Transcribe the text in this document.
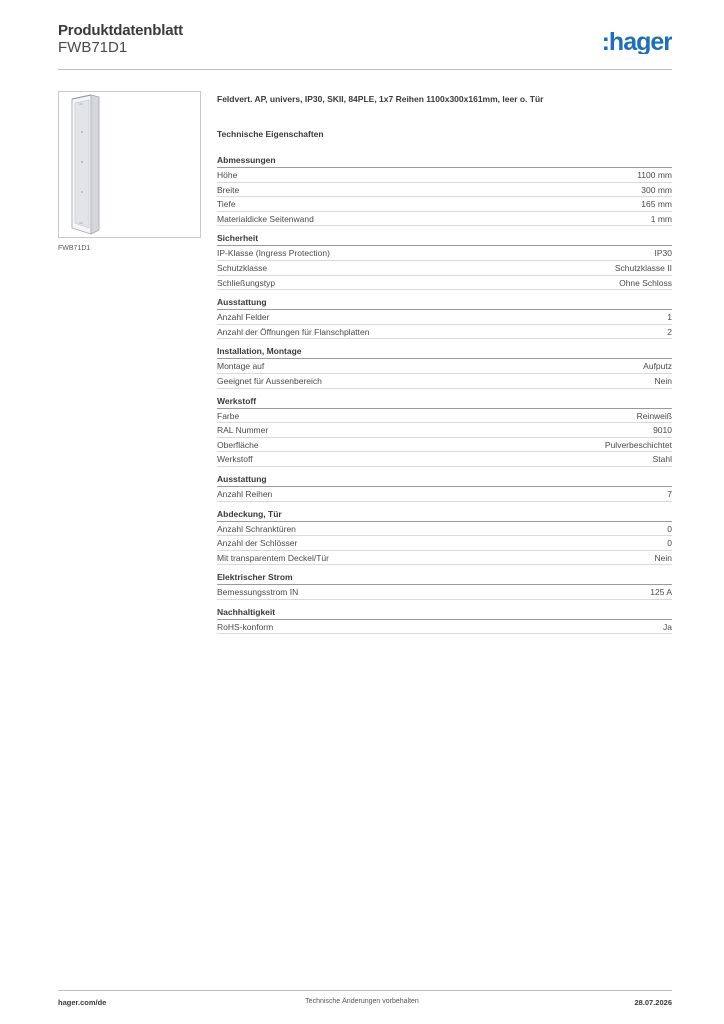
Produktdatenblatt
FWB71D1	:hager
FWB71D1
Feldvert. AP, univers, IP30, SKII, 84PLE, 1x7 Reihen 1100x300x161mm, leer o. Tür
Technische Eigenschaften
Abmessungen
Höhe	1100 mm
Breite	300 mm
Tiefe	165 mm
Materialdicke Seitenwand	1 mm
Sicherheit
IP-Klasse (Ingress Protection)	IP30
Schutzklasse	Schutzklasse II
Schließungstyp	Ohne Schloss
Ausstattung
Anzahl Felder	1
Anzahl der Öffnungen für Flanschplatten	2
Installation, Montage
Montage auf	Aufputz
Geeignet für Aussenbereich	Nein
Werkstoff
Farbe	Reinweiß
RAL Nummer	9010
Oberfläche	Pulverbeschichtet
Werkstoff	Stahl
Ausstattung
Anzahl Reihen	7
Abdeckung, Tür
Anzahl Schranktüren	0
Anzahl der Schlösser	0
Mit transparentem Deckel/Tür	Nein
Elektrischer Strom
Bemessungsstrom IN	125 A
Nachhaltigkeit
RoHS-konform	Ja
hager.com/de	Technische Änderungen vorbehalten	28.07.2026
